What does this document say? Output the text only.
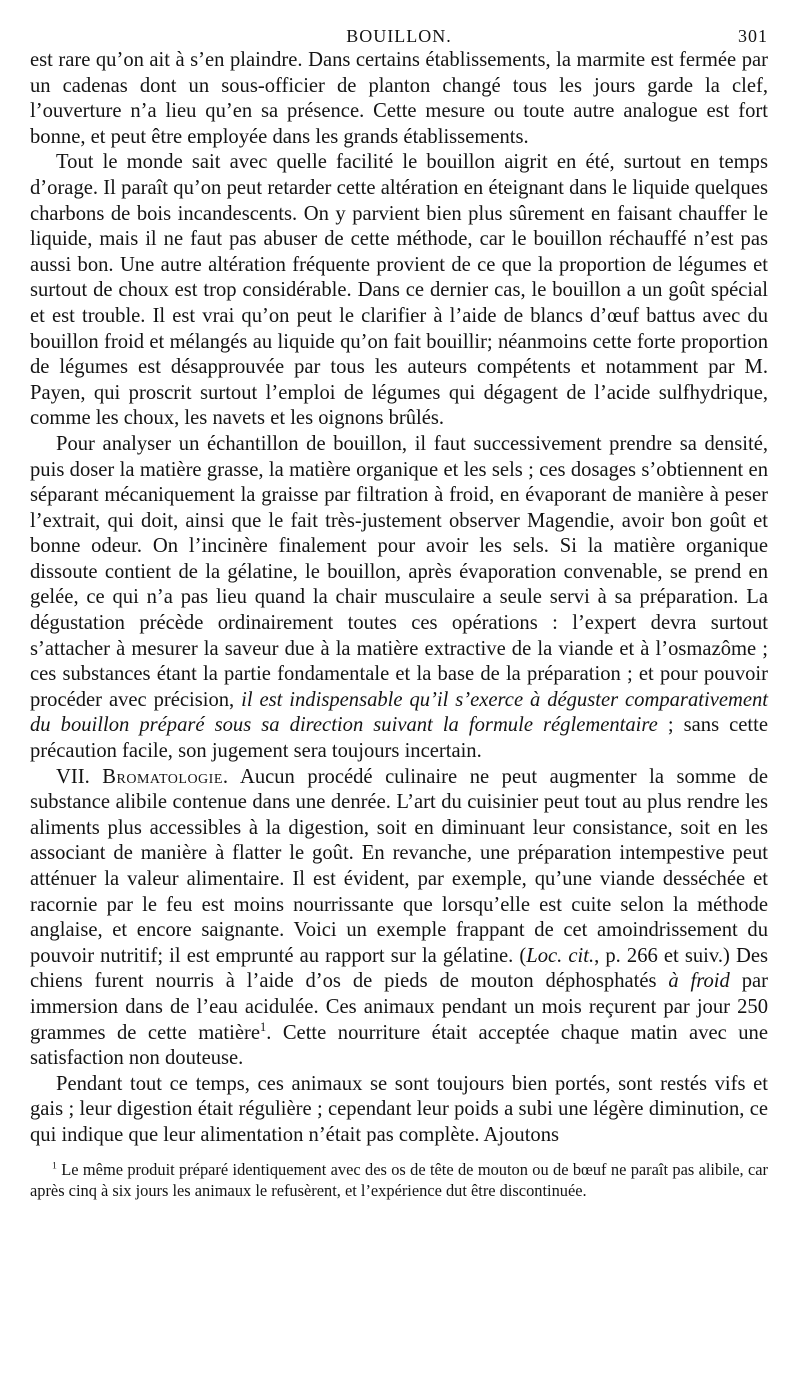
BOUILLON.	301

est rare qu’on ait à s’en plaindre. Dans certains établissements, la marmite est fermée par un cadenas dont un sous-officier de planton changé tous les jours garde la clef, l’ouverture n’a lieu qu’en sa présence. Cette mesure ou toute autre analogue est fort bonne, et peut être employée dans les grands établissements.

Tout le monde sait avec quelle facilité le bouillon aigrit en été, surtout en temps d’orage. Il paraît qu’on peut retarder cette altération en éteignant dans le liquide quelques charbons de bois incandescents. On y parvient bien plus sûrement en faisant chauffer le liquide, mais il ne faut pas abuser de cette méthode, car le bouillon réchauffé n’est pas aussi bon. Une autre altération fréquente provient de ce que la proportion de légumes et surtout de choux est trop considérable. Dans ce dernier cas, le bouillon a un goût spécial et est trouble. Il est vrai qu’on peut le clarifier à l’aide de blancs d’œuf battus avec du bouillon froid et mélangés au liquide qu’on fait bouillir; néanmoins cette forte proportion de légumes est désapprouvée par tous les auteurs compétents et notamment par M. Payen, qui proscrit surtout l’emploi de légumes qui dégagent de l’acide sulfhydrique, comme les choux, les navets et les oignons brûlés.

Pour analyser un échantillon de bouillon, il faut successivement prendre sa densité, puis doser la matière grasse, la matière organique et les sels ; ces dosages s’obtiennent en séparant mécaniquement la graisse par filtration à froid, en évaporant de manière à peser l’extrait, qui doit, ainsi que le fait très-justement observer Magendie, avoir bon goût et bonne odeur. On l’incinère finalement pour avoir les sels. Si la matière organique dissoute contient de la gélatine, le bouillon, après évaporation convenable, se prend en gelée, ce qui n’a pas lieu quand la chair musculaire a seule servi à sa préparation. La dégustation précède ordinairement toutes ces opérations : l’expert devra surtout s’attacher à mesurer la saveur due à la matière extractive de la viande et à l’osmazôme ; ces substances étant la partie fondamentale et la base de la préparation ; et pour pouvoir procéder avec précision, il est indispensable qu’il s’exerce à déguster comparativement du bouillon préparé sous sa direction suivant la formule réglementaire ; sans cette précaution facile, son jugement sera toujours incertain.

VII. Bromatologie. Aucun procédé culinaire ne peut augmenter la somme de substance alibile contenue dans une denrée. L’art du cuisinier peut tout au plus rendre les aliments plus accessibles à la digestion, soit en diminuant leur consistance, soit en les associant de manière à flatter le goût. En revanche, une préparation intempestive peut atténuer la valeur alimentaire. Il est évident, par exemple, qu’une viande desséchée et racornie par le feu est moins nourrissante que lorsqu’elle est cuite selon la méthode anglaise, et encore saignante. Voici un exemple frappant de cet amoindrissement du pouvoir nutritif; il est emprunté au rapport sur la gélatine. (Loc. cit., p. 266 et suiv.) Des chiens furent nourris à l’aide d’os de pieds de mouton déphosphatés à froid par immersion dans de l’eau acidulée. Ces animaux pendant un mois reçurent par jour 250 grammes de cette matière$^1$. Cette nourriture était acceptée chaque matin avec une satisfaction non douteuse.

Pendant tout ce temps, ces animaux se sont toujours bien portés, sont restés vifs et gais ; leur digestion était régulière ; cependant leur poids a subi une légère diminution, ce qui indique que leur alimentation n’était pas complète. Ajoutons

$^1$ Le même produit préparé identiquement avec des os de tête de mouton ou de bœuf ne paraît pas alibile, car après cinq à six jours les animaux le refusèrent, et l’expérience dut être discontinuée.
